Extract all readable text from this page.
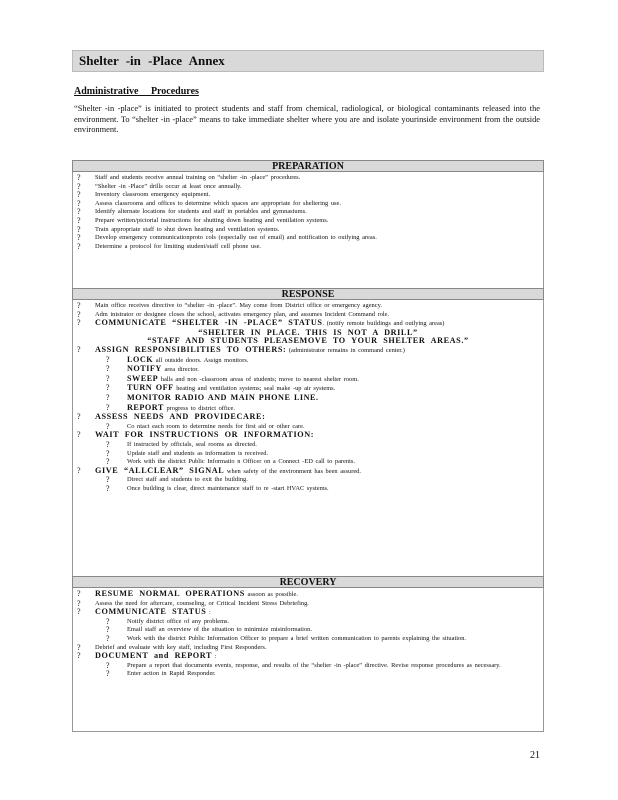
Shelter -in -Place Annex
Administrative Procedures
“Shelter -in -place” is initiated to protect students and staff from chemical, radiological, or biological contaminants released into the environment. To “shelter -in -place” means to take immediate shelter where you are and isolate yourinside environment from the outside environment.
PREPARATION
?	Staff and students receive annual training on “shelter -in -place” procedures.
?	“Shelter -in -Place” drills occur at least once annually.
?	Inventory classroom emergency equipment.
?	Assess classrooms and offices to determine which spaces are appropriate for sheltering use.
?	Identify alternate locations for students and staff in portables and gymnasiums.
?	Prepare written/pictorial instructions for shutting down heating and ventilation systems.
?	Train appropriate staff to shut down heating and ventilation systems.
?	Develop emergency communicationproto cols (especially use of email) and notification to outlying areas.
?	Determine a protocol for limiting student/staff cell phone use.
RESPONSE
?	Main office receives directive to “shelter -in -place”. May come from District office or emergency agency.
?	Adm inistrator or designee closes the school, activates emergency plan, and assumes Incident Command role.
?	COMMUNICATE “SHELTER -IN -PLACE” STATUS. (notify remote buildings and outlying areas)
“SHELTER IN PLACE. THIS IS NOT A DRILL”
“STAFF AND STUDENTS PLEASEMOVE TO YOUR SHELTER AREAS.”
?	ASSIGN RESPONSIBILITIES TO OTHERS: (administrator remains in command center.)
?	LOCK all outside doors. Assign monitors.
?	NOTIFY area director.
?	SWEEP halls and non -classroom areas of students; move to nearest shelter room.
?	TURN OFF heating and ventilation systems; seal make -up air systems.
?	MONITOR RADIO AND MAIN PHONE LINE.
?	REPORT progress to district office.
?	ASSESS NEEDS AND PROVIDECARE:
?	Co ntact each room to determine needs for first aid or other care.
?	WAIT FOR INSTRUCTIONS OR INFORMATION:
?	If instructed by officials, seal rooms as directed.
?	Update staff and students as information is received.
?	Work with the district Public Informatio n Officer on a Connect -ED call to parents.
?	GIVE “ALLCLEAR” SIGNAL when safety of the environment has been assured.
?	Direct staff and students to exit the building.
?	Once building is clear, direct maintenance staff to re -start HVAC systems.
RECOVERY
?	RESUME NORMAL OPERATIONS assoon as possible.
?	Assess the need for aftercare, counseling, or Critical Incident Stress Debriefing.
?	COMMUNICATE STATUS :
?	Notify district office of any problems.
?	Email staff an overview of the situation to minimize misinformation.
?	Work with the district Public Information Officer to prepare a brief written communication to parents explaining the situation.
?	Debrief and evaluate with key staff, including First Responders.
?	DOCUMENT and REPORT :
?	Prepare a report that documents events, response, and results of the “shelter -in -place” directive. Revise response procedures as necessary.
?	Enter action in Rapid Responder.
21
